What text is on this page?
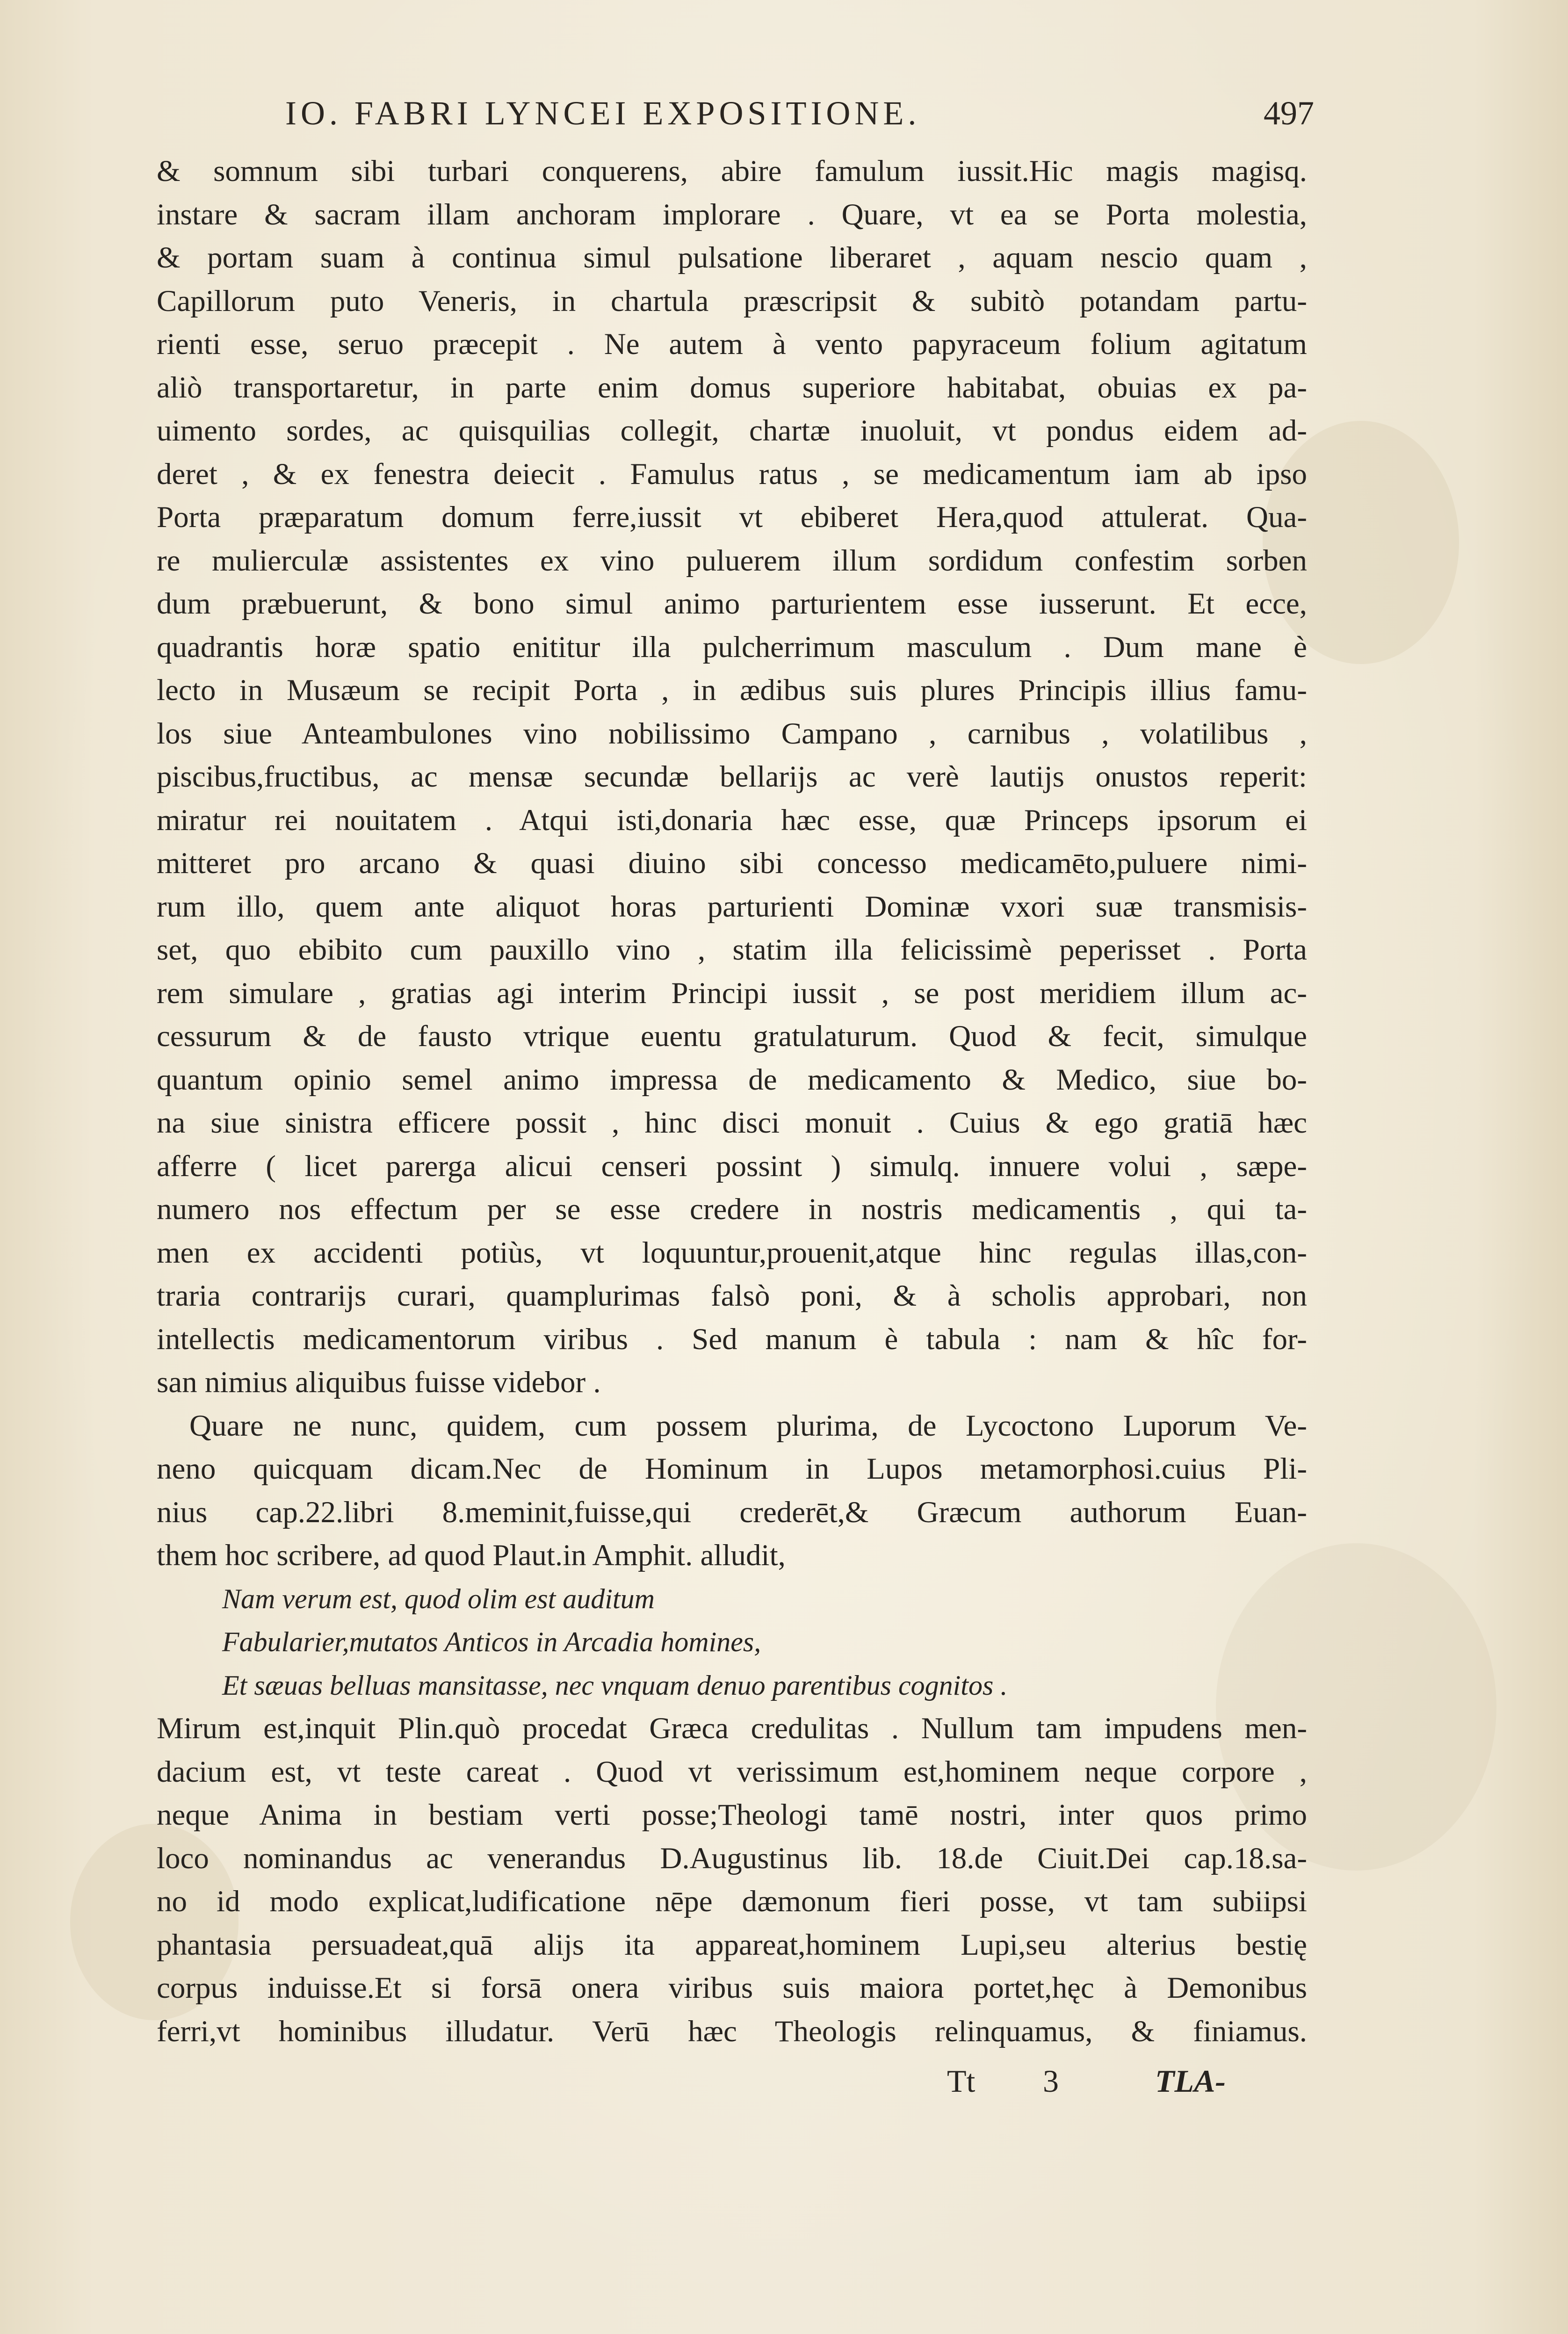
IO. FABRI LYNCEI EXPOSITIONE.	497
& somnum sibi turbari conquerens, abire famulum iussit.Hic magis magisq.
instare & sacram illam anchoram implorare . Quare, vt ea se Porta molestia,
& portam suam à continua simul pulsatione liberaret , aquam nescio quam ,
Capillorum puto Veneris, in chartula præscripsit & subitò potandam partu-
rienti esse, seruo præcepit . Ne autem à vento papyraceum folium agitatum
aliò transportaretur, in parte enim domus superiore habitabat, obuias ex pa-
uimento sordes, ac quisquilias collegit, chartæ inuoluit, vt pondus eidem ad-
deret , & ex fenestra deiecit . Famulus ratus , se medicamentum iam ab ipso
Porta præparatum domum ferre,iussit vt ebiberet Hera,quod attulerat. Qua-
re mulierculæ assistentes ex vino puluerem illum sordidum confestim sorben
dum præbuerunt, & bono simul animo parturientem esse iusserunt. Et ecce,
quadrantis horæ spatio enititur illa pulcherrimum masculum . Dum mane è
lecto in Musæum se recipit Porta , in ædibus suis plures Principis illius famu-
los siue Anteambulones vino nobilissimo Campano , carnibus , volatilibus ,
piscibus,fructibus, ac mensæ secundæ bellarijs ac verè lautijs onustos reperit:
miratur rei nouitatem . Atqui isti,donaria hæc esse, quæ Princeps ipsorum ei
mitteret pro arcano & quasi diuino sibi concesso medicamēto,puluere nimi-
rum illo, quem ante aliquot horas parturienti Dominæ vxori suæ transmisis-
set, quo ebibito cum pauxillo vino , statim illa felicissimè peperisset . Porta
rem simulare , gratias agi interim Principi iussit , se post meridiem illum ac-
cessurum & de fausto vtrique euentu gratulaturum. Quod & fecit, simulque
quantum opinio semel animo impressa de medicamento & Medico, siue bo-
na siue sinistra efficere possit , hinc disci monuit . Cuius & ego gratiā hæc
afferre ( licet parerga alicui censeri possint ) simulq. innuere volui , sæpe-
numero nos effectum per se esse credere in nostris medicamentis , qui ta-
men ex accidenti potiùs, vt loquuntur,prouenit,atque hinc regulas illas,con-
traria contrarijs curari, quamplurimas falsò poni, & à scholis approbari, non
intellectis medicamentorum viribus . Sed manum è tabula : nam & hîc for-
san nimius aliquibus fuisse videbor .
Quare ne nunc, quidem, cum possem plurima, de Lycoctono Luporum Ve-
neno quicquam dicam.Nec de Hominum in Lupos metamorphosi.cuius Pli-
nius cap.22.libri 8.meminit,fuisse,qui crederēt,& Græcum authorum Euan-
them hoc scribere, ad quod Plaut.in Amphit. alludit,
Nam verum est, quod olim est auditum
Fabularier,mutatos Anticos in Arcadia homines,
Et sæuas belluas mansitasse, nec vnquam denuo parentibus cognitos .
Mirum est,inquit Plin.quò procedat Græca credulitas . Nullum tam impudens men-
dacium est, vt teste careat . Quod vt verissimum est,hominem neque corpore ,
neque Anima in bestiam verti posse;Theologi tamē nostri, inter quos primo
loco nominandus ac venerandus D.Augustinus lib. 18.de Ciuit.Dei cap.18.sa-
no id modo explicat,ludificatione nēpe dæmonum fieri posse, vt tam subiipsi
phantasia persuadeat,quā alijs ita appareat,hominem Lupi,seu alterius bestię
corpus induisse.Et si forsā onera viribus suis maiora portet,hęc à Demonibus
ferri,vt hominibus illudatur. Verū hæc Theologis relinquamus, & finiamus.
Tt 3	TLA-
